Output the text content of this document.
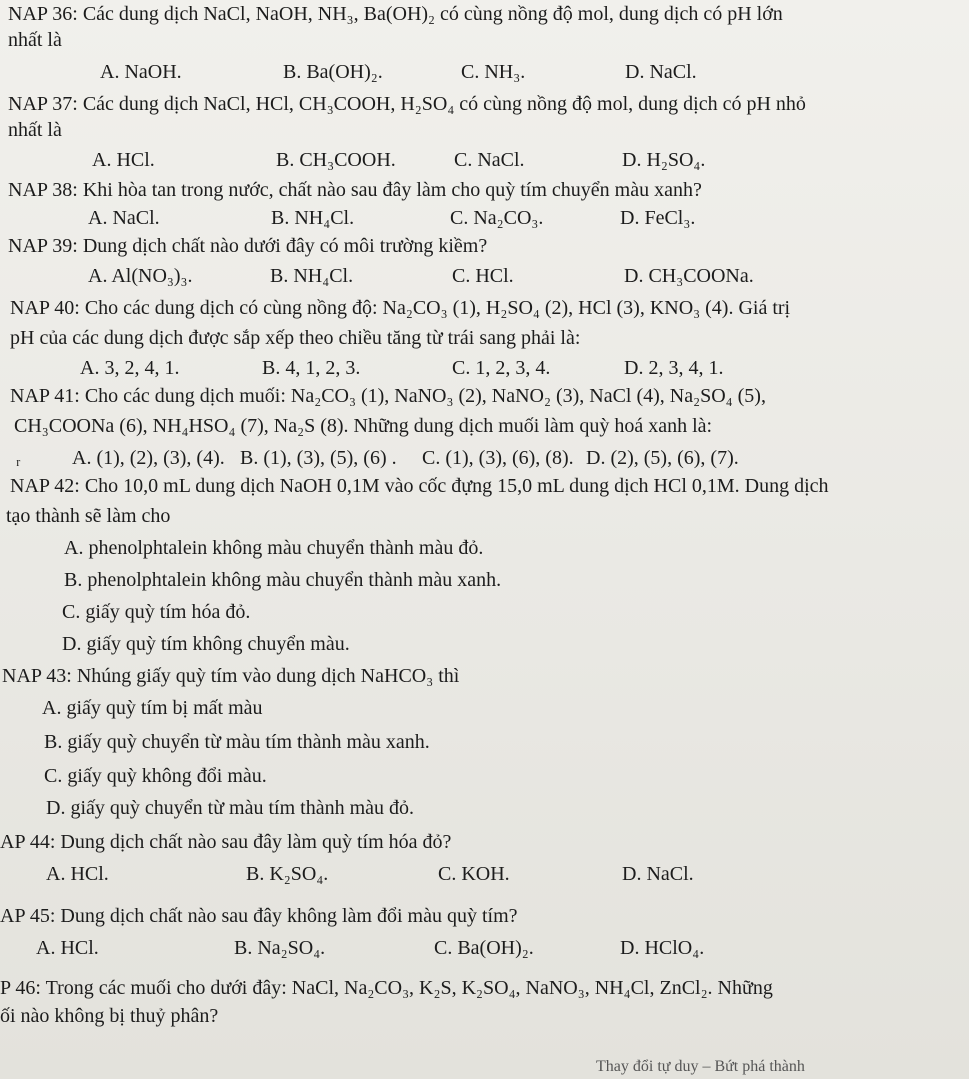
NAP 36: Các dung dịch NaCl, NaOH, NH₃, Ba(OH)₂ có cùng nồng độ mol, dung dịch có pH lớn
nhất là
A. NaOH.	B. Ba(OH)₂.	C. NH₃.	D. NaCl.
NAP 37: Các dung dịch NaCl, HCl, CH₃COOH, H₂SO₄ có cùng nồng độ mol, dung dịch có pH nhỏ
nhất là
A. HCl.	B. CH₃COOH.	C. NaCl.	D. H₂SO₄.
NAP 38: Khi hòa tan trong nước, chất nào sau đây làm cho quỳ tím chuyển màu xanh?
A. NaCl.	B. NH₄Cl.	C. Na₂CO₃.	D. FeCl₃.
NAP 39: Dung dịch chất nào dưới đây có môi trường kiềm?
A. Al(NO₃)₃.	B. NH₄Cl.	C. HCl.	D. CH₃COONa.
NAP 40: Cho các dung dịch có cùng nồng độ: Na₂CO₃ (1), H₂SO₄ (2), HCl (3), KNO₃ (4). Giá trị
pH của các dung dịch được sắp xếp theo chiều tăng từ trái sang phải là:
A. 3, 2, 4, 1.	B. 4, 1, 2, 3.	C. 1, 2, 3, 4.	D. 2, 3, 4, 1.
NAP 41: Cho các dung dịch muối: Na₂CO₃ (1), NaNO₃ (2), NaNO₂ (3), NaCl (4), Na₂SO₄ (5),
CH₃COONa (6), NH₄HSO₄ (7), Na₂S (8). Những dung dịch muối làm quỳ hoá xanh là:
ᵣ	A. (1), (2), (3), (4). B. (1), (3), (5), (6) . C. (1), (3), (6), (8). D. (2), (5), (6), (7).
NAP 42: Cho 10,0 mL dung dịch NaOH 0,1M vào cốc đựng 15,0 mL dung dịch HCl 0,1M. Dung dịch
tạo thành sẽ làm cho
A. phenolphtalein không màu chuyển thành màu đỏ.
B. phenolphtalein không màu chuyển thành màu xanh.
C. giấy quỳ tím hóa đỏ.
D. giấy quỳ tím không chuyển màu.
NAP 43: Nhúng giấy quỳ tím vào dung dịch NaHCO₃ thì
A. giấy quỳ tím bị mất màu
B. giấy quỳ chuyển từ màu tím thành màu xanh.
C. giấy quỳ không đổi màu.
D. giấy quỳ chuyển từ màu tím thành màu đỏ.
AP 44: Dung dịch chất nào sau đây làm quỳ tím hóa đỏ?
A. HCl.	B. K₂SO₄.	C. KOH.	D. NaCl.
AP 45: Dung dịch chất nào sau đây không làm đổi màu quỳ tím?
A. HCl.	B. Na₂SO₄.	C. Ba(OH)₂.	D. HClO₄.
P 46: Trong các muối cho dưới đây: NaCl, Na₂CO₃, K₂S, K₂SO₄, NaNO₃, NH₄Cl, ZnCl₂. Những
ối nào không bị thuỷ phân?
Thay đổi tự duy – Bứt phá thành
